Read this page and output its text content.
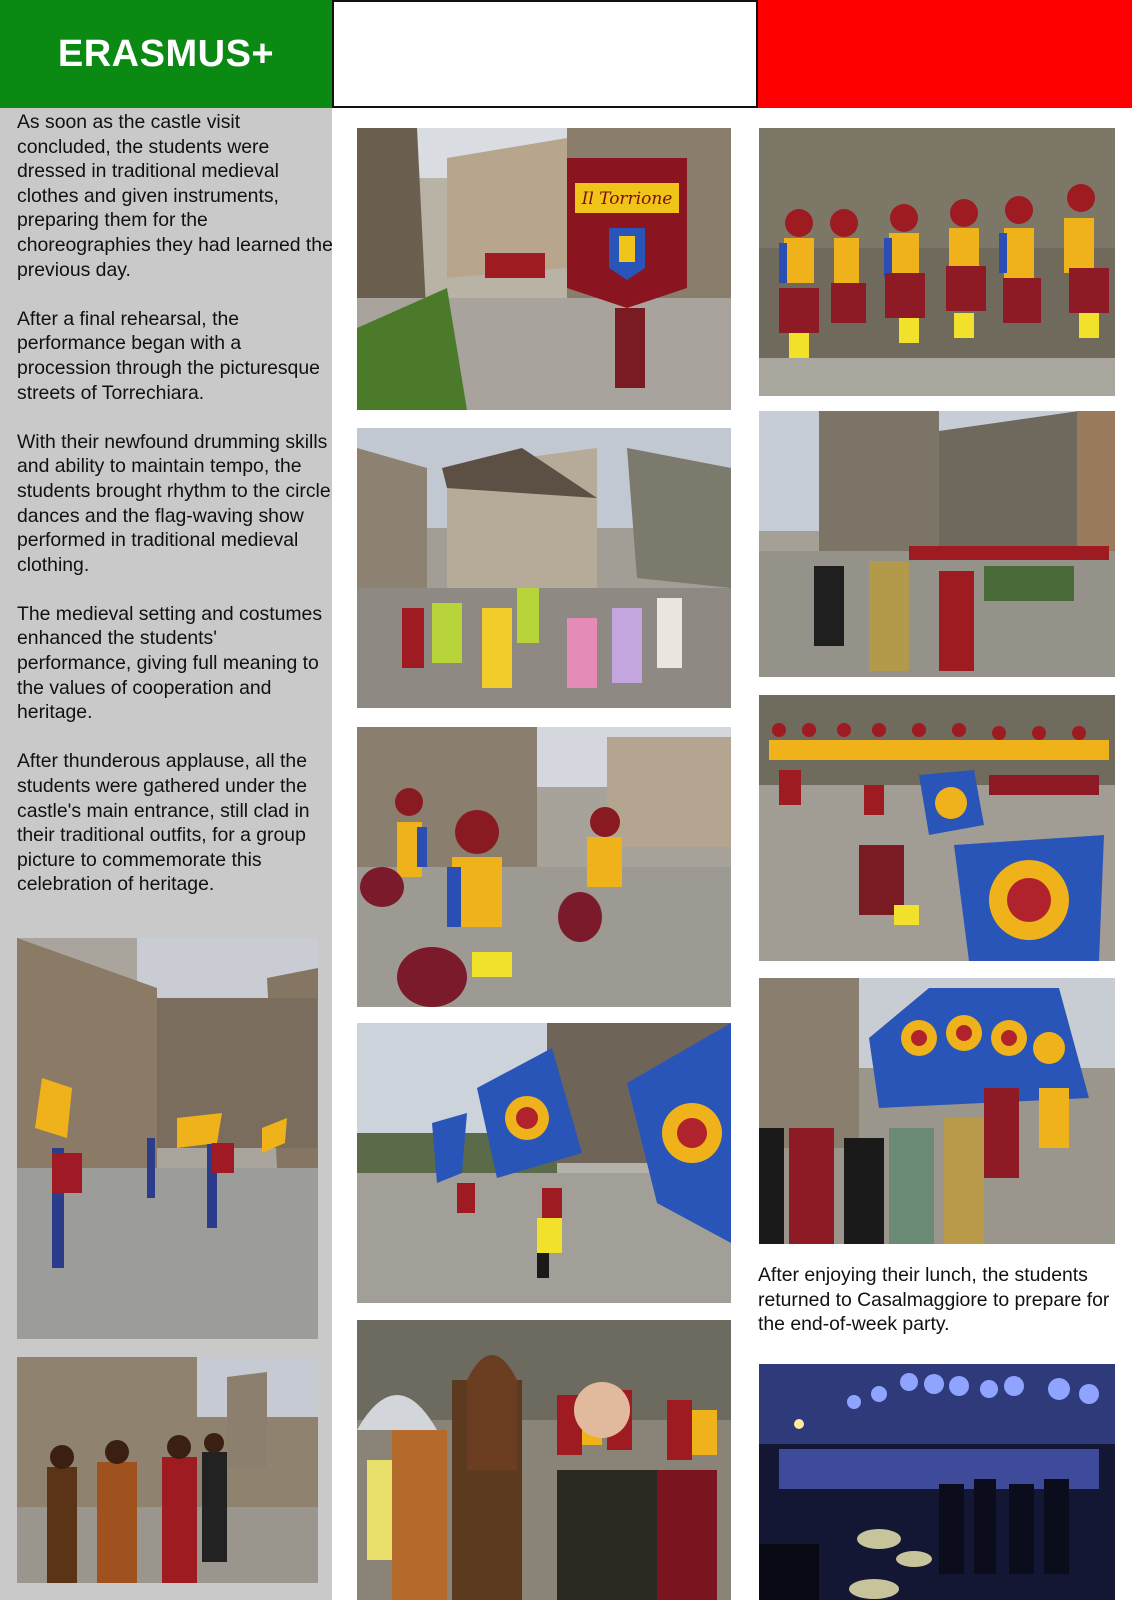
ERASMUS+

As soon as the castle visit concluded, the students were dressed in traditional medieval clothes and given instruments, preparing them for the choreographies they had learned the previous day.

After a final rehearsal, the performance began with a procession through the picturesque streets of Torrechiara.

With their newfound drumming skills and ability to maintain tempo, the students brought rhythm to the circle dances and the flag-waving show performed in traditional medieval clothing.

The medieval setting and costumes enhanced the students' performance, giving full meaning to the values of cooperation and heritage.

After thunderous applause, all the students were gathered under the castle's main entrance, still clad in their traditional outfits, for a group picture to commemorate this celebration of heritage.

Il Torrione

After enjoying their lunch, the students returned to Casalmaggiore to prepare for the end-of-week party.
